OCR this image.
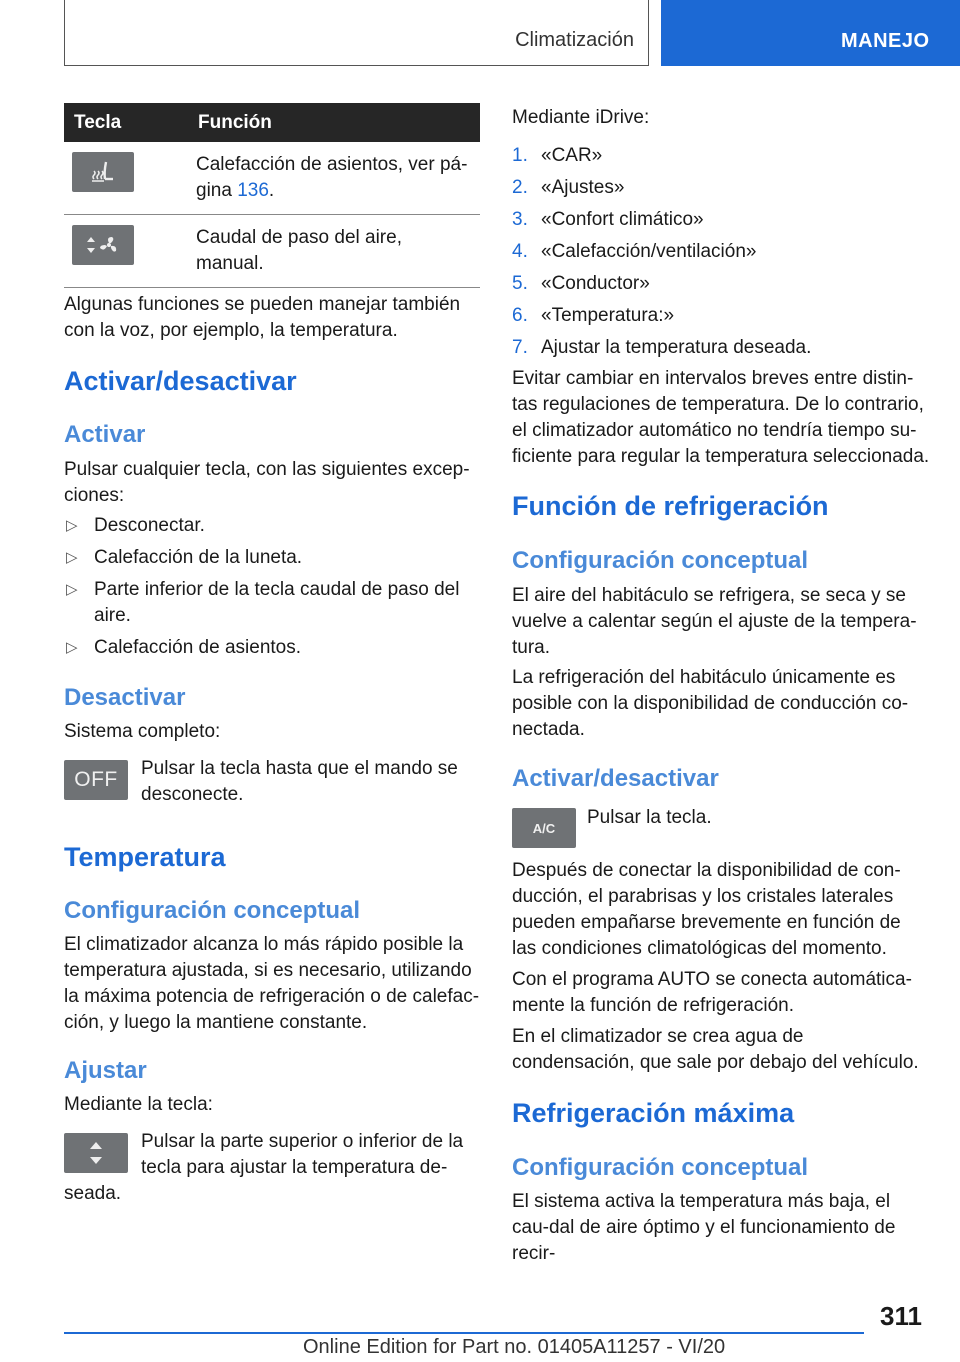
Climatización	MANEJO
Tecla	Función

	Calefacción de asientos, ver pá-
gina 136.

	Caudal de paso del aire, manual.
Algunas funciones se pueden manejar también con la voz, por ejemplo, la temperatura.
Activar/desactivar
Activar
Pulsar cualquier tecla, con las siguientes excep-ciones:
▷ Desconectar.
▷ Calefacción de la luneta.
▷ Parte inferior de la tecla caudal de paso del aire.
▷ Calefacción de asientos.
Desactivar
Sistema completo:
OFF	Pulsar la tecla hasta que el mando se desconecte.
Temperatura
Configuración conceptual
El climatizador alcanza lo más rápido posible la temperatura ajustada, si es necesario, utilizando la máxima potencia de refrigeración o de calefac-ción, y luego la mantiene constante.
Ajustar
Mediante la tecla:
Pulsar la parte superior o inferior de la tecla para ajustar la temperatura de-
seada.
Mediante iDrive:
1. «CAR»
2. «Ajustes»
3. «Confort climático»
4. «Calefacción/ventilación»
5. «Conductor»
6. «Temperatura:»
7. Ajustar la temperatura deseada.
Evitar cambiar en intervalos breves entre distin-tas regulaciones de temperatura. De lo contrario, el climatizador automático no tendría tiempo su-ficiente para regular la temperatura seleccionada.
Función de refrigeración
Configuración conceptual
El aire del habitáculo se refrigera, se seca y se vuelve a calentar según el ajuste de la tempera-tura.
La refrigeración del habitáculo únicamente es posible con la disponibilidad de conducción co-nectada.
Activar/desactivar
A/C	Pulsar la tecla.
Después de conectar la disponibilidad de con-ducción, el parabrisas y los cristales laterales pueden empañarse brevemente en función de las condiciones climatológicas del momento.
Con el programa AUTO se conecta automática-mente la función de refrigeración.
En el climatizador se crea agua de condensación, que sale por debajo del vehículo.
Refrigeración máxima
Configuración conceptual
El sistema activa la temperatura más baja, el cau-dal de aire óptimo y el funcionamiento de recir-
311
Online Edition for Part no. 01405A11257 - VI/20
